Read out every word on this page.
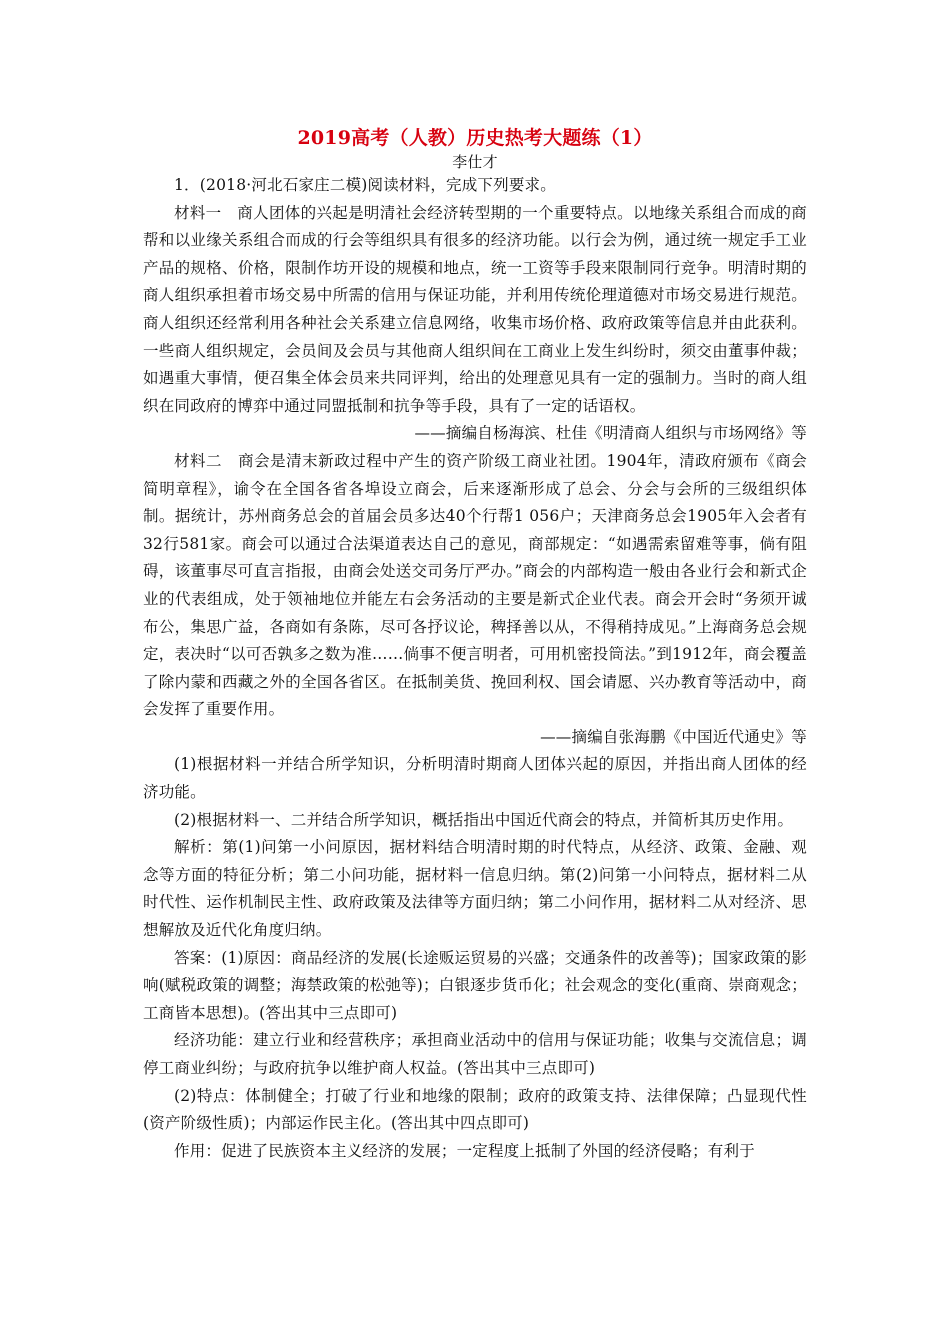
2019高考（人教）历史热考大题练（1）
李仕才

1．(2018·河北石家庄二模)阅读材料，完成下列要求。

材料一　商人团体的兴起是明清社会经济转型期的一个重要特点。以地缘关系组合而成的商帮和以业缘关系组合而成的行会等组织具有很多的经济功能。以行会为例，通过统一规定手工业产品的规格、价格，限制作坊开设的规模和地点，统一工资等手段来限制同行竞争。明清时期的商人组织承担着市场交易中所需的信用与保证功能，并利用传统伦理道德对市场交易进行规范。商人组织还经常利用各种社会关系建立信息网络，收集市场价格、政府政策等信息并由此获利。一些商人组织规定，会员间及会员与其他商人组织间在工商业上发生纠纷时，须交由董事仲裁；如遇重大事情，便召集全体会员来共同评判，给出的处理意见具有一定的强制力。当时的商人组织在同政府的博弈中通过同盟抵制和抗争等手段，具有了一定的话语权。

——摘编自杨海滨、杜佳《明清商人组织与市场网络》等

材料二　商会是清末新政过程中产生的资产阶级工商业社团。1904年，清政府颁布《商会简明章程》，谕令在全国各省各埠设立商会，后来逐渐形成了总会、分会与会所的三级组织体制。据统计，苏州商务总会的首届会员多达40个行帮1 056户；天津商务总会1905年入会者有32行581家。商会可以通过合法渠道表达自己的意见，商部规定：“如遇需索留难等事，倘有阻碍，该董事尽可直言指报，由商会处送交司务厅严办。”商会的内部构造一般由各业行会和新式企业的代表组成，处于领袖地位并能左右会务活动的主要是新式企业代表。商会开会时“务须开诚布公，集思广益，各商如有条陈，尽可各抒议论，稗择善以从，不得稍持成见。”上海商务总会规定，表决时“以可否孰多之数为准……倘事不便言明者，可用机密投筒法。”到1912年，商会覆盖了除内蒙和西藏之外的全国各省区。在抵制美货、挽回利权、国会请愿、兴办教育等活动中，商会发挥了重要作用。

——摘编自张海鹏《中国近代通史》等

(1)根据材料一并结合所学知识，分析明清时期商人团体兴起的原因，并指出商人团体的经济功能。

(2)根据材料一、二并结合所学知识，概括指出中国近代商会的特点，并简析其历史作用。

解析：第(1)问第一小问原因，据材料结合明清时期的时代特点，从经济、政策、金融、观念等方面的特征分析；第二小问功能，据材料一信息归纳。第(2)问第一小问特点，据材料二从时代性、运作机制民主性、政府政策及法律等方面归纳；第二小问作用，据材料二从对经济、思想解放及近代化角度归纳。

答案：(1)原因：商品经济的发展(长途贩运贸易的兴盛；交通条件的改善等)；国家政策的影响(赋税政策的调整；海禁政策的松弛等)；白银逐步货币化；社会观念的变化(重商、崇商观念；工商皆本思想)。(答出其中三点即可)

经济功能：建立行业和经营秩序；承担商业活动中的信用与保证功能；收集与交流信息；调停工商业纠纷；与政府抗争以维护商人权益。(答出其中三点即可)

(2)特点：体制健全；打破了行业和地缘的限制；政府的政策支持、法律保障；凸显现代性(资产阶级性质)；内部运作民主化。(答出其中四点即可)

作用：促进了民族资本主义经济的发展；一定程度上抵制了外国的经济侵略；有利于
